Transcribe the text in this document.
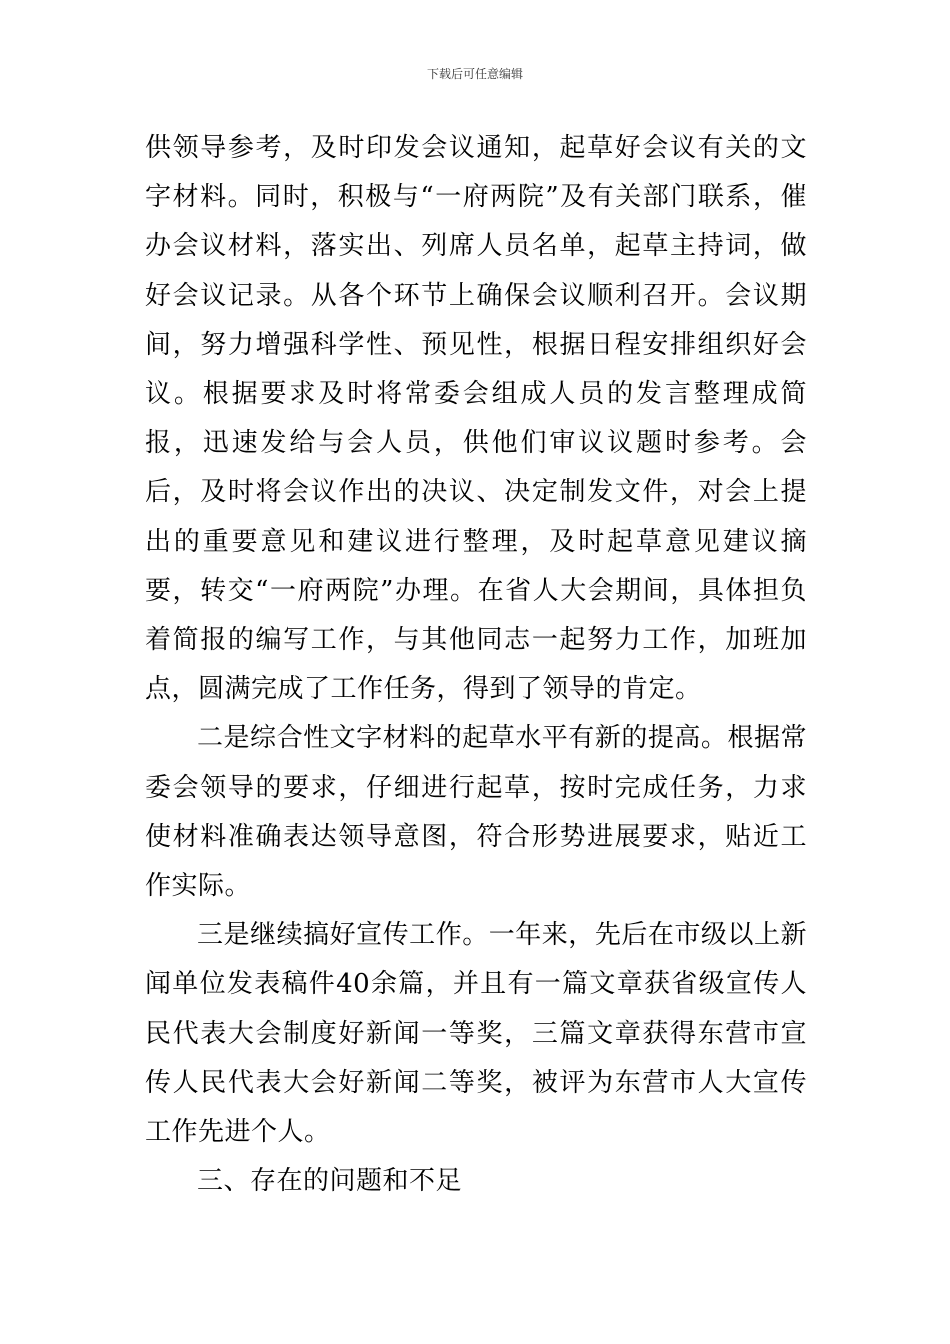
下载后可任意编辑

供领导参考，及时印发会议通知，起草好会议有关的文字材料。同时，积极与“一府两院”及有关部门联系，催办会议材料，落实出、列席人员名单，起草主持词，做好会议记录。从各个环节上确保会议顺利召开。会议期间，努力增强科学性、预见性，根据日程安排组织好会议。根据要求及时将常委会组成人员的发言整理成简报，迅速发给与会人员，供他们审议议题时参考。会后，及时将会议作出的决议、决定制发文件，对会上提出的重要意见和建议进行整理，及时起草意见建议摘要，转交“一府两院”办理。在省人大会期间，具体担负着简报的编写工作，与其他同志一起努力工作，加班加点，圆满完成了工作任务，得到了领导的肯定。

二是综合性文字材料的起草水平有新的提高。根据常委会领导的要求，仔细进行起草，按时完成任务，力求使材料准确表达领导意图，符合形势进展要求，贴近工作实际。

三是继续搞好宣传工作。一年来，先后在市级以上新闻单位发表稿件40余篇，并且有一篇文章获省级宣传人民代表大会制度好新闻一等奖，三篇文章获得东营市宣传人民代表大会好新闻二等奖，被评为东营市人大宣传工作先进个人。

三、存在的问题和不足
